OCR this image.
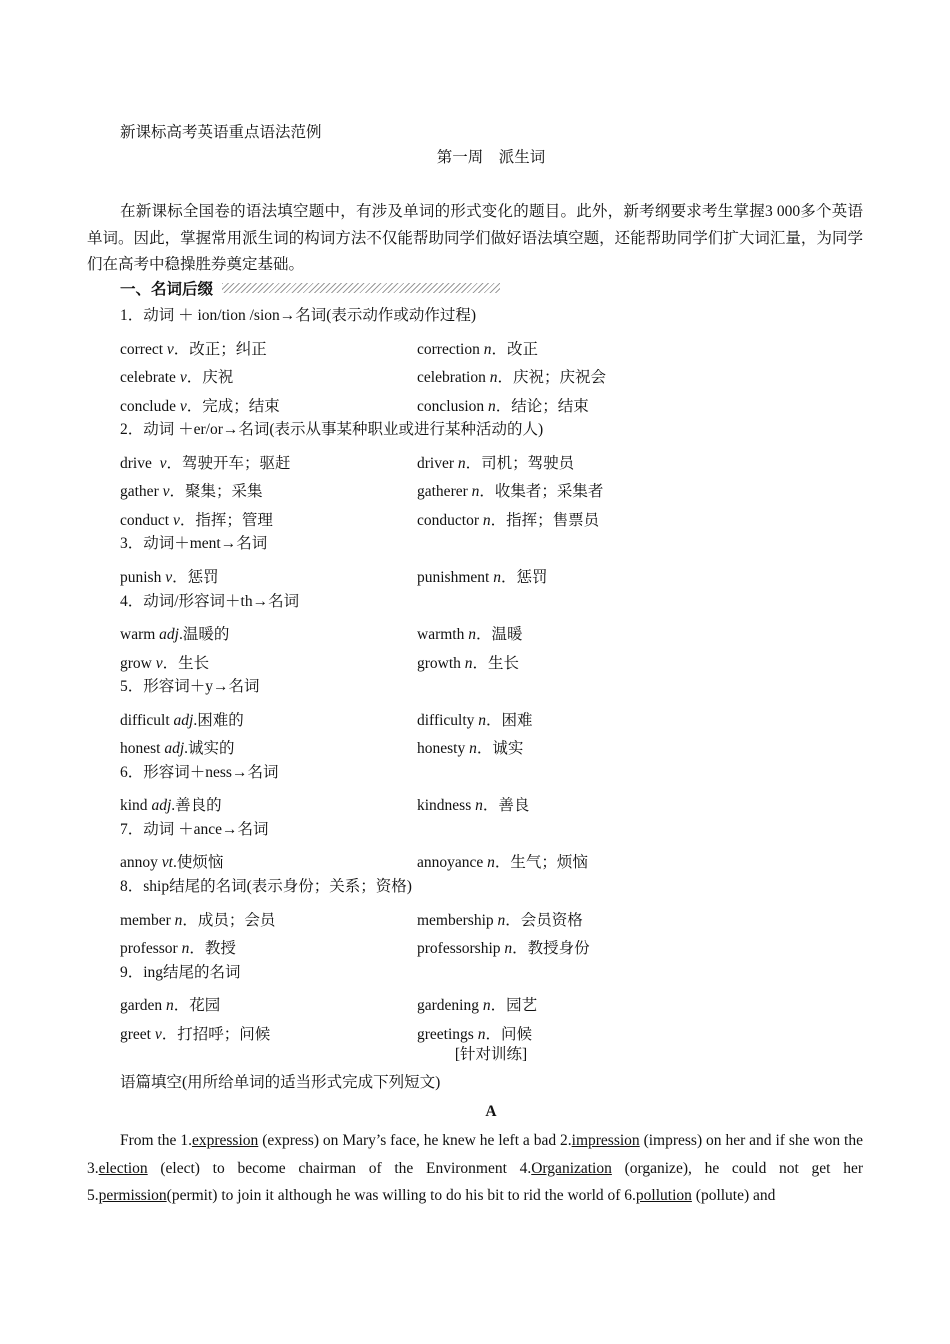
新课标高考英语重点语法范例
第一周　派生词
在新课标全国卷的语法填空题中，有涉及单词的形式变化的题目。此外，新考纲要求考生掌握3 000多个英语单词。因此，掌握常用派生词的构词方法不仅能帮助同学们做好语法填空题，还能帮助同学们扩大词汇量，为同学们在高考中稳操胜券奠定基础。
一、名词后缀
1．动词 ＋ ion/tion /sion→名词(表示动作或动作过程)
correct v．改正；纠正	correction n．改正
celebrate v．庆祝	celebration n．庆祝；庆祝会
conclude v．完成；结束	conclusion n．结论；结束
2．动词 ＋er/or→名词(表示从事某种职业或进行某种活动的人)
drive  v．驾驶开车；驱赶	driver n．司机；驾驶员
gather v．聚集；采集	gatherer n．收集者；采集者
conduct v．指挥；管理	conductor n．指挥；售票员
3．动词＋ment→名词
punish v．惩罚	punishment n．惩罚
4．动词/形容词＋th→名词
warm adj.温暖的	warmth n．温暖
grow v．生长	growth n．生长
5．形容词＋y→名词
difficult adj.困难的	difficulty n．困难
honest adj.诚实的	honesty n．诚实
6．形容词＋ness→名词
kind adj.善良的	kindness n．善良
7．动词 ＋ance→名词
annoy vt.使烦恼	annoyance n．生气；烦恼
8．ship结尾的名词(表示身份；关系；资格)
member n．成员；会员	membership n．会员资格
professor n．教授	professorship n．教授身份
9．ing结尾的名词
garden n．花园	gardening n．园艺
greet v．打招呼；问候	greetings n．问候
[针对训练]
语篇填空(用所给单词的适当形式完成下列短文)
A
From the 1.expression (express) on Mary’s face, he knew he left a bad 2.impression (impress) on her and if she won the 3.election (elect) to become chairman of the Environment 4.Organization (organize), he could not get her 5.permission(permit) to join it although he was willing to do his bit to rid the world of 6.pollution (pollute) and
